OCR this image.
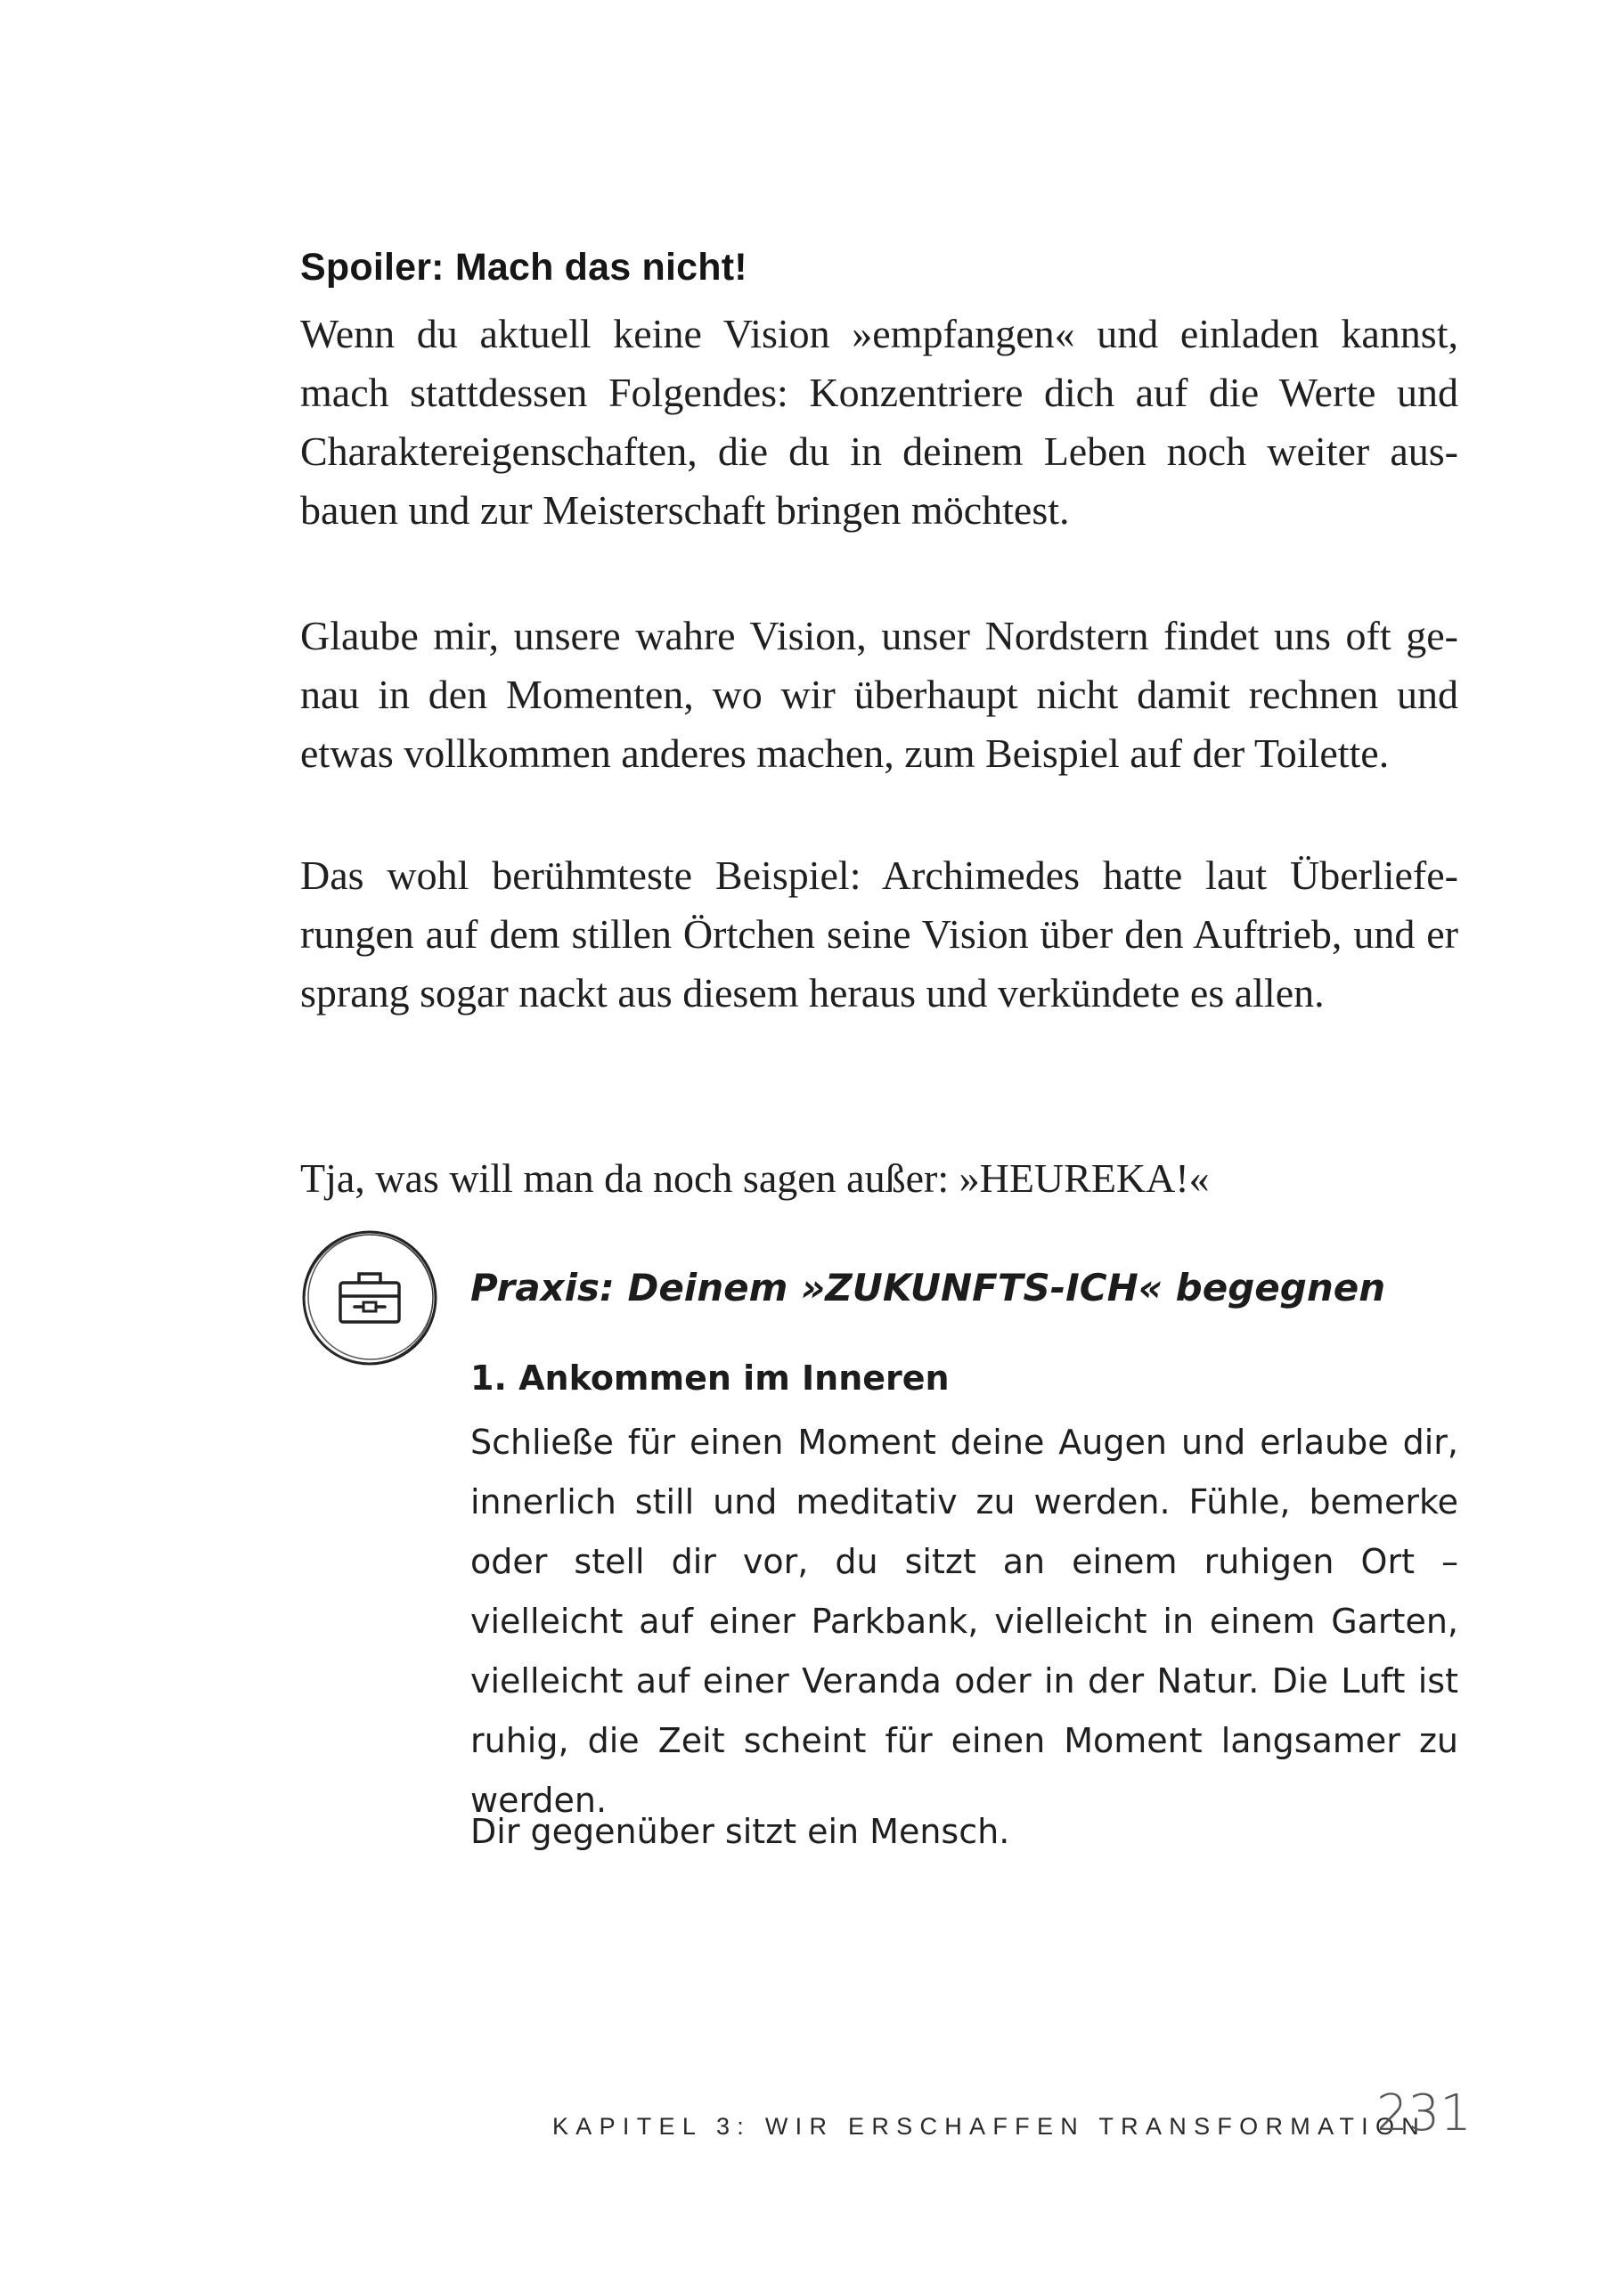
Spoiler: Mach das nicht!

Wenn du aktuell keine Vision »empfangen« und einladen kannst, mach stattdessen Folgendes: Konzentriere dich auf die Werte und Charaktereigenschaften, die du in deinem Leben noch weiter ausbauen und zur Meisterschaft bringen möchtest.

Glaube mir, unsere wahre Vision, unser Nordstern findet uns oft genau in den Momenten, wo wir überhaupt nicht damit rechnen und etwas vollkommen anderes machen, zum Beispiel auf der Toilette.

Das wohl berühmteste Beispiel: Archimedes hatte laut Überlieferungen auf dem stillen Örtchen seine Vision über den Auftrieb, und er sprang sogar nackt aus diesem heraus und verkündete es allen.

Tja, was will man da noch sagen außer: »HEUREKA!«

Praxis: Deinem »ZUKUNFTS-ICH« begegnen
1. Ankommen im Inneren

Schließe für einen Moment deine Augen und erlaube dir, innerlich still und meditativ zu werden. Fühle, bemerke oder stell dir vor, du sitzt an einem ruhigen Ort – vielleicht auf einer Parkbank, vielleicht in einem Garten, vielleicht auf einer Veranda oder in der Natur. Die Luft ist ruhig, die Zeit scheint für einen Moment langsamer zu werden.

Dir gegenüber sitzt ein Mensch.

KAPITEL 3: WIR ERSCHAFFEN TRANSFORMATION
231
